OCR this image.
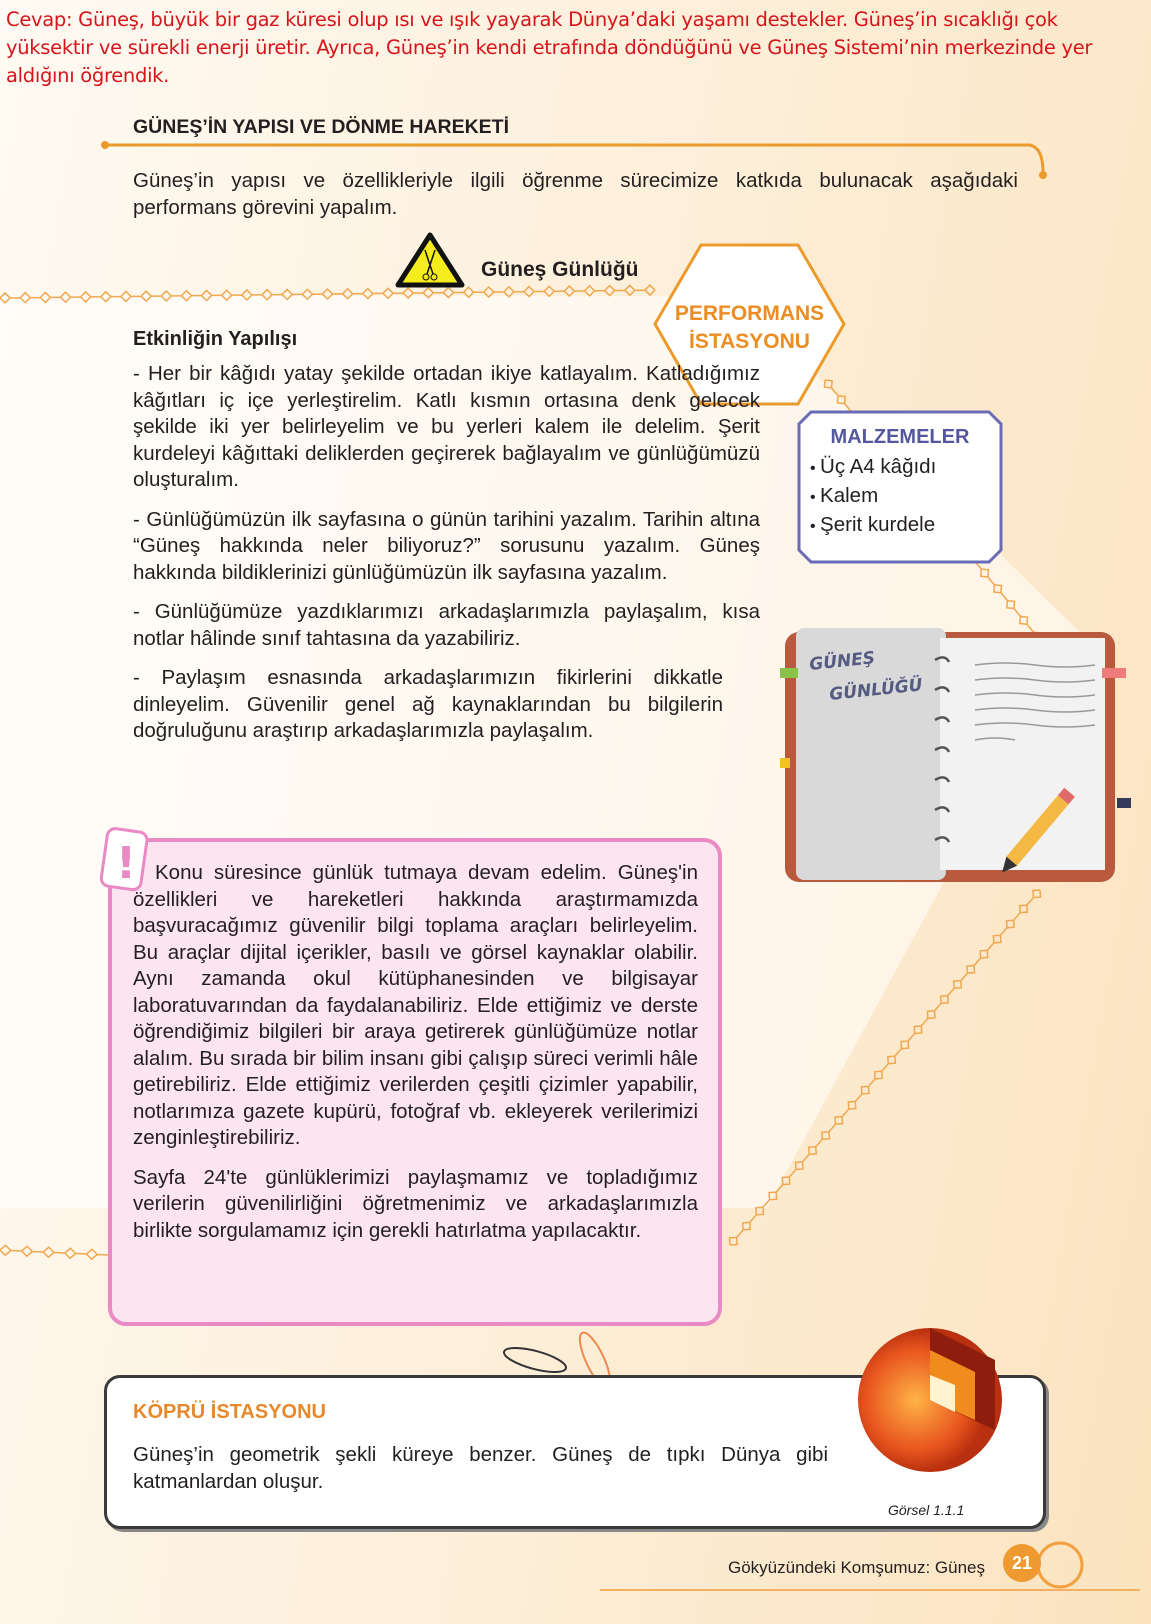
Cevap: Güneş, büyük bir gaz küresi olup ısı ve ışık yayarak Dünya’daki yaşamı destekler. Güneş’in sıcaklığı çok yüksektir ve sürekli enerji üretir. Ayrıca, Güneş’in kendi etrafında döndüğünü ve Güneş Sistemi’nin merkezinde yer aldığını öğrendik.
GÜNEŞ’İN YAPISI VE DÖNME HAREKETİ
Güneş’in yapısı ve özellikleriyle ilgili öğrenme sürecimize katkıda bulunacak aşağıdaki performans görevini yapalım.
Güneş Günlüğü
PERFORMANS
İSTASYONU
Etkinliğin Yapılışı

- Her bir kâğıdı yatay şekilde ortadan ikiye katlayalım. Katladığımız kâğıtları iç içe yerleştirelim. Katlı kısmın ortasına denk gelecek şekilde iki yer belirleyelim ve bu yerleri kalem ile delelim. Şerit kurdeleyi kâğıttaki deliklerden geçirerek bağlayalım ve günlüğümüzü oluşturalım.

- Günlüğümüzün ilk sayfasına o günün tarihini yazalım. Tarihin altına “Güneş hakkında neler biliyoruz?” sorusunu yazalım. Güneş hakkında bildiklerinizi günlüğümüzün ilk sayfasına yazalım.

- Günlüğümüze yazdıklarımızı arkadaşlarımızla paylaşalım, kısa notlar hâlinde sınıf tahtasına da yazabiliriz.

- Paylaşım esnasında arkadaşlarımızın fikirlerini dikkatle dinleyelim. Güvenilir genel ağ kaynaklarından bu bilgilerin doğruluğunu araştırıp arkadaşlarımızla paylaşalım.

MALZEMELER
• Üç A4 kâğıdı
• Kalem
• Şerit kurdele
GÜNEŞ
GÜNLÜĞÜ
! Konu süresince günlük tutmaya devam edelim. Güneş'in özellikleri ve hareketleri hakkında araştırmamızda başvuracağımız güvenilir bilgi toplama araçları belirleyelim. Bu araçlar dijital içerikler, basılı ve görsel kaynaklar olabilir. Aynı zamanda okul kütüphanesinden ve bilgisayar laboratuvarından da faydalanabiliriz. Elde ettiğimiz ve derste öğrendiğimiz bilgileri bir araya getirerek günlüğümüze notlar alalım. Bu sırada bir bilim insanı gibi çalışıp süreci verimli hâle getirebiliriz. Elde ettiğimiz verilerden çeşitli çizimler yapabilir, notlarımıza gazete kupürü, fotoğraf vb. ekleyerek verilerimizi zenginleştirebiliriz.

Sayfa 24'te günlüklerimizi paylaşmamız ve topladığımız verilerin güvenilirliğini öğretmenimiz ve arkadaşlarımızla birlikte sorgulamamız için gerekli hatırlatma yapılacaktır.

KÖPRÜ İSTASYONU
Güneş’in geometrik şekli küreye benzer. Güneş de tıpkı Dünya gibi katmanlardan oluşur.
Görsel 1.1.1
Gökyüzündeki Komşumuz: Güneş	21
